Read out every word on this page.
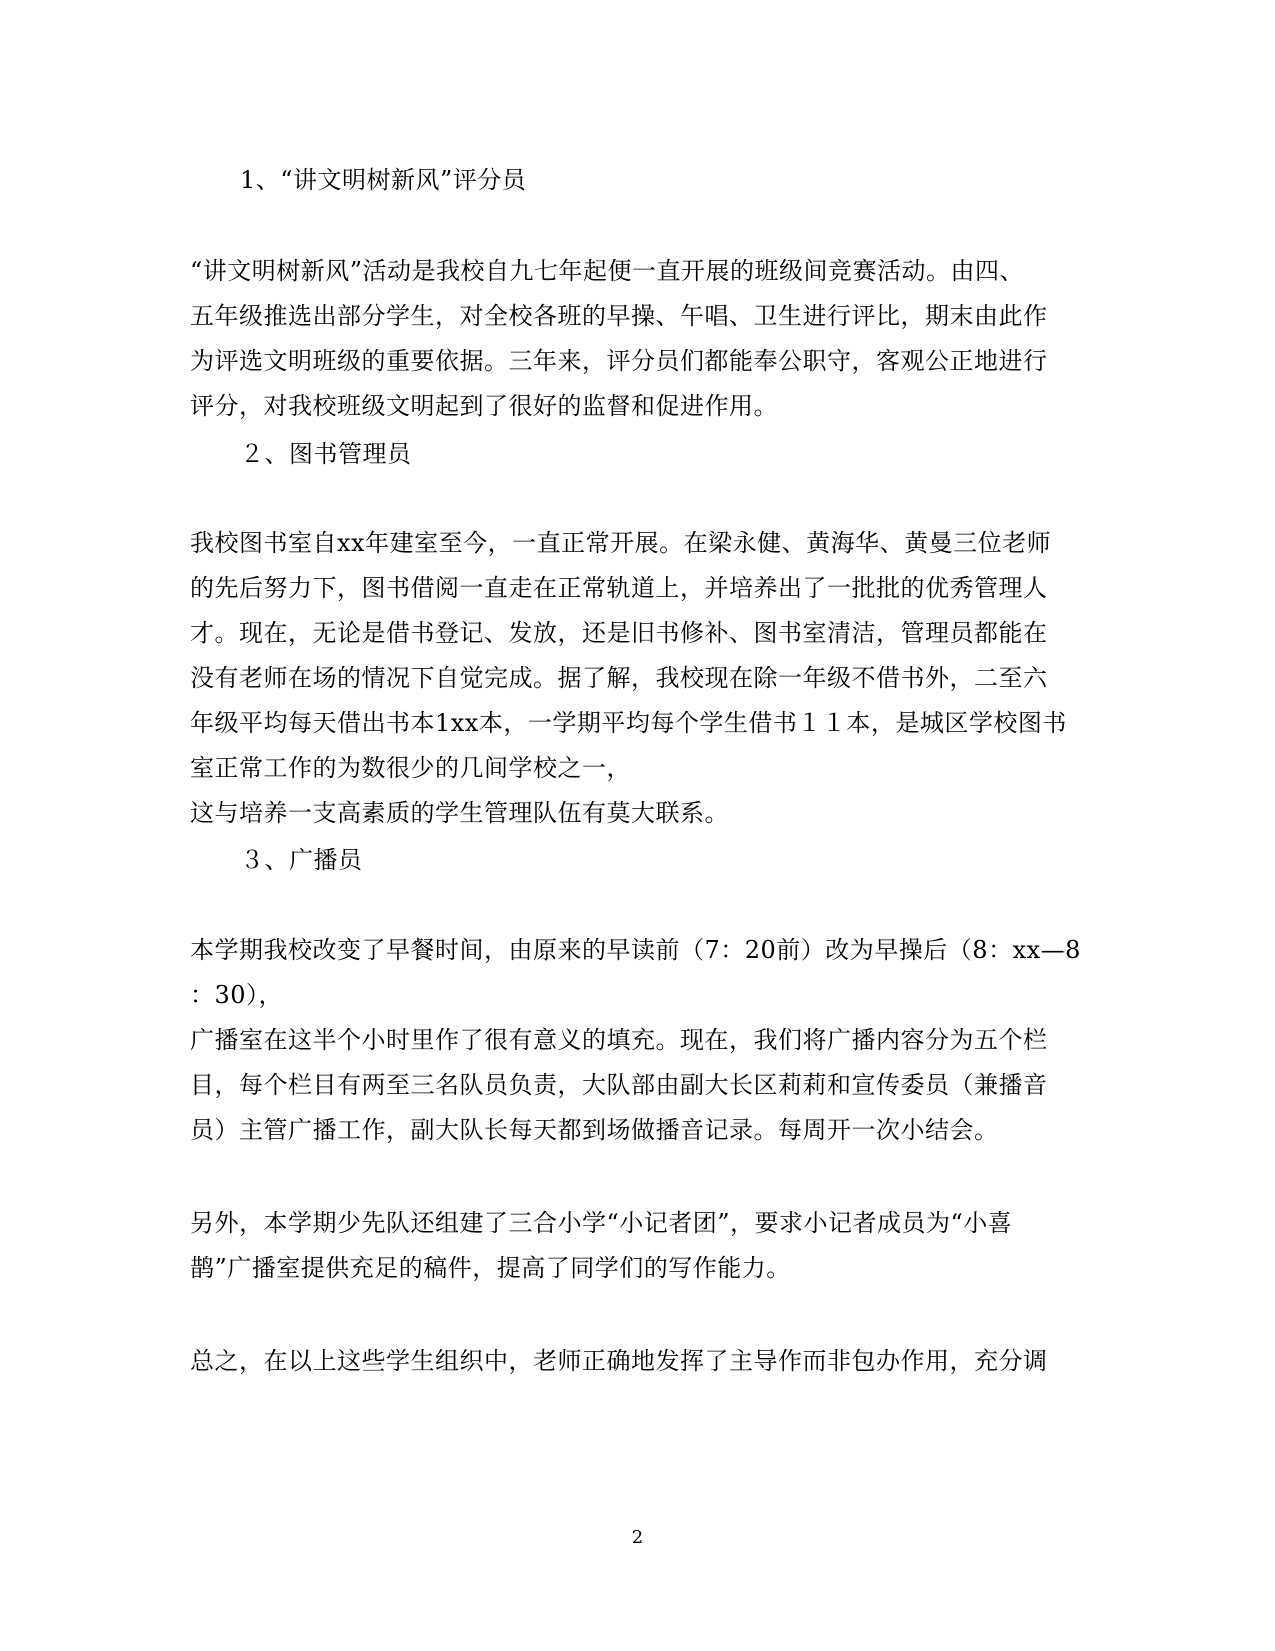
1、“讲文明树新风”评分员
“讲文明树新风”活动是我校自九七年起便一直开展的班级间竞赛活动。由四、
五年级推选出部分学生，对全校各班的早操、午唱、卫生进行评比，期末由此作
为评选文明班级的重要依据。三年来，评分员们都能奉公职守，客观公正地进行
评分，对我校班级文明起到了很好的监督和促进作用。
２、图书管理员
我校图书室自xx年建室至今，一直正常开展。在梁永健、黄海华、黄曼三位老师
的先后努力下，图书借阅一直走在正常轨道上，并培养出了一批批的优秀管理人
才。现在，无论是借书登记、发放，还是旧书修补、图书室清洁，管理员都能在
没有老师在场的情况下自觉完成。据了解，我校现在除一年级不借书外，二至六
年级平均每天借出书本1xx本，一学期平均每个学生借书１１本，是城区学校图书
室正常工作的为数很少的几间学校之一，
这与培养一支高素质的学生管理队伍有莫大联系。
３、广播员
本学期我校改变了早餐时间，由原来的早读前（7：20前）改为早操后（8：xx—8
：30），
广播室在这半个小时里作了很有意义的填充。现在，我们将广播内容分为五个栏
目，每个栏目有两至三名队员负责，大队部由副大长区莉莉和宣传委员（兼播音
员）主管广播工作，副大队长每天都到场做播音记录。每周开一次小结会。
另外，本学期少先队还组建了三合小学“小记者团”，要求小记者成员为“小喜
鹊”广播室提供充足的稿件，提高了同学们的写作能力。
总之，在以上这些学生组织中，老师正确地发挥了主导作而非包办作用，充分调
2
